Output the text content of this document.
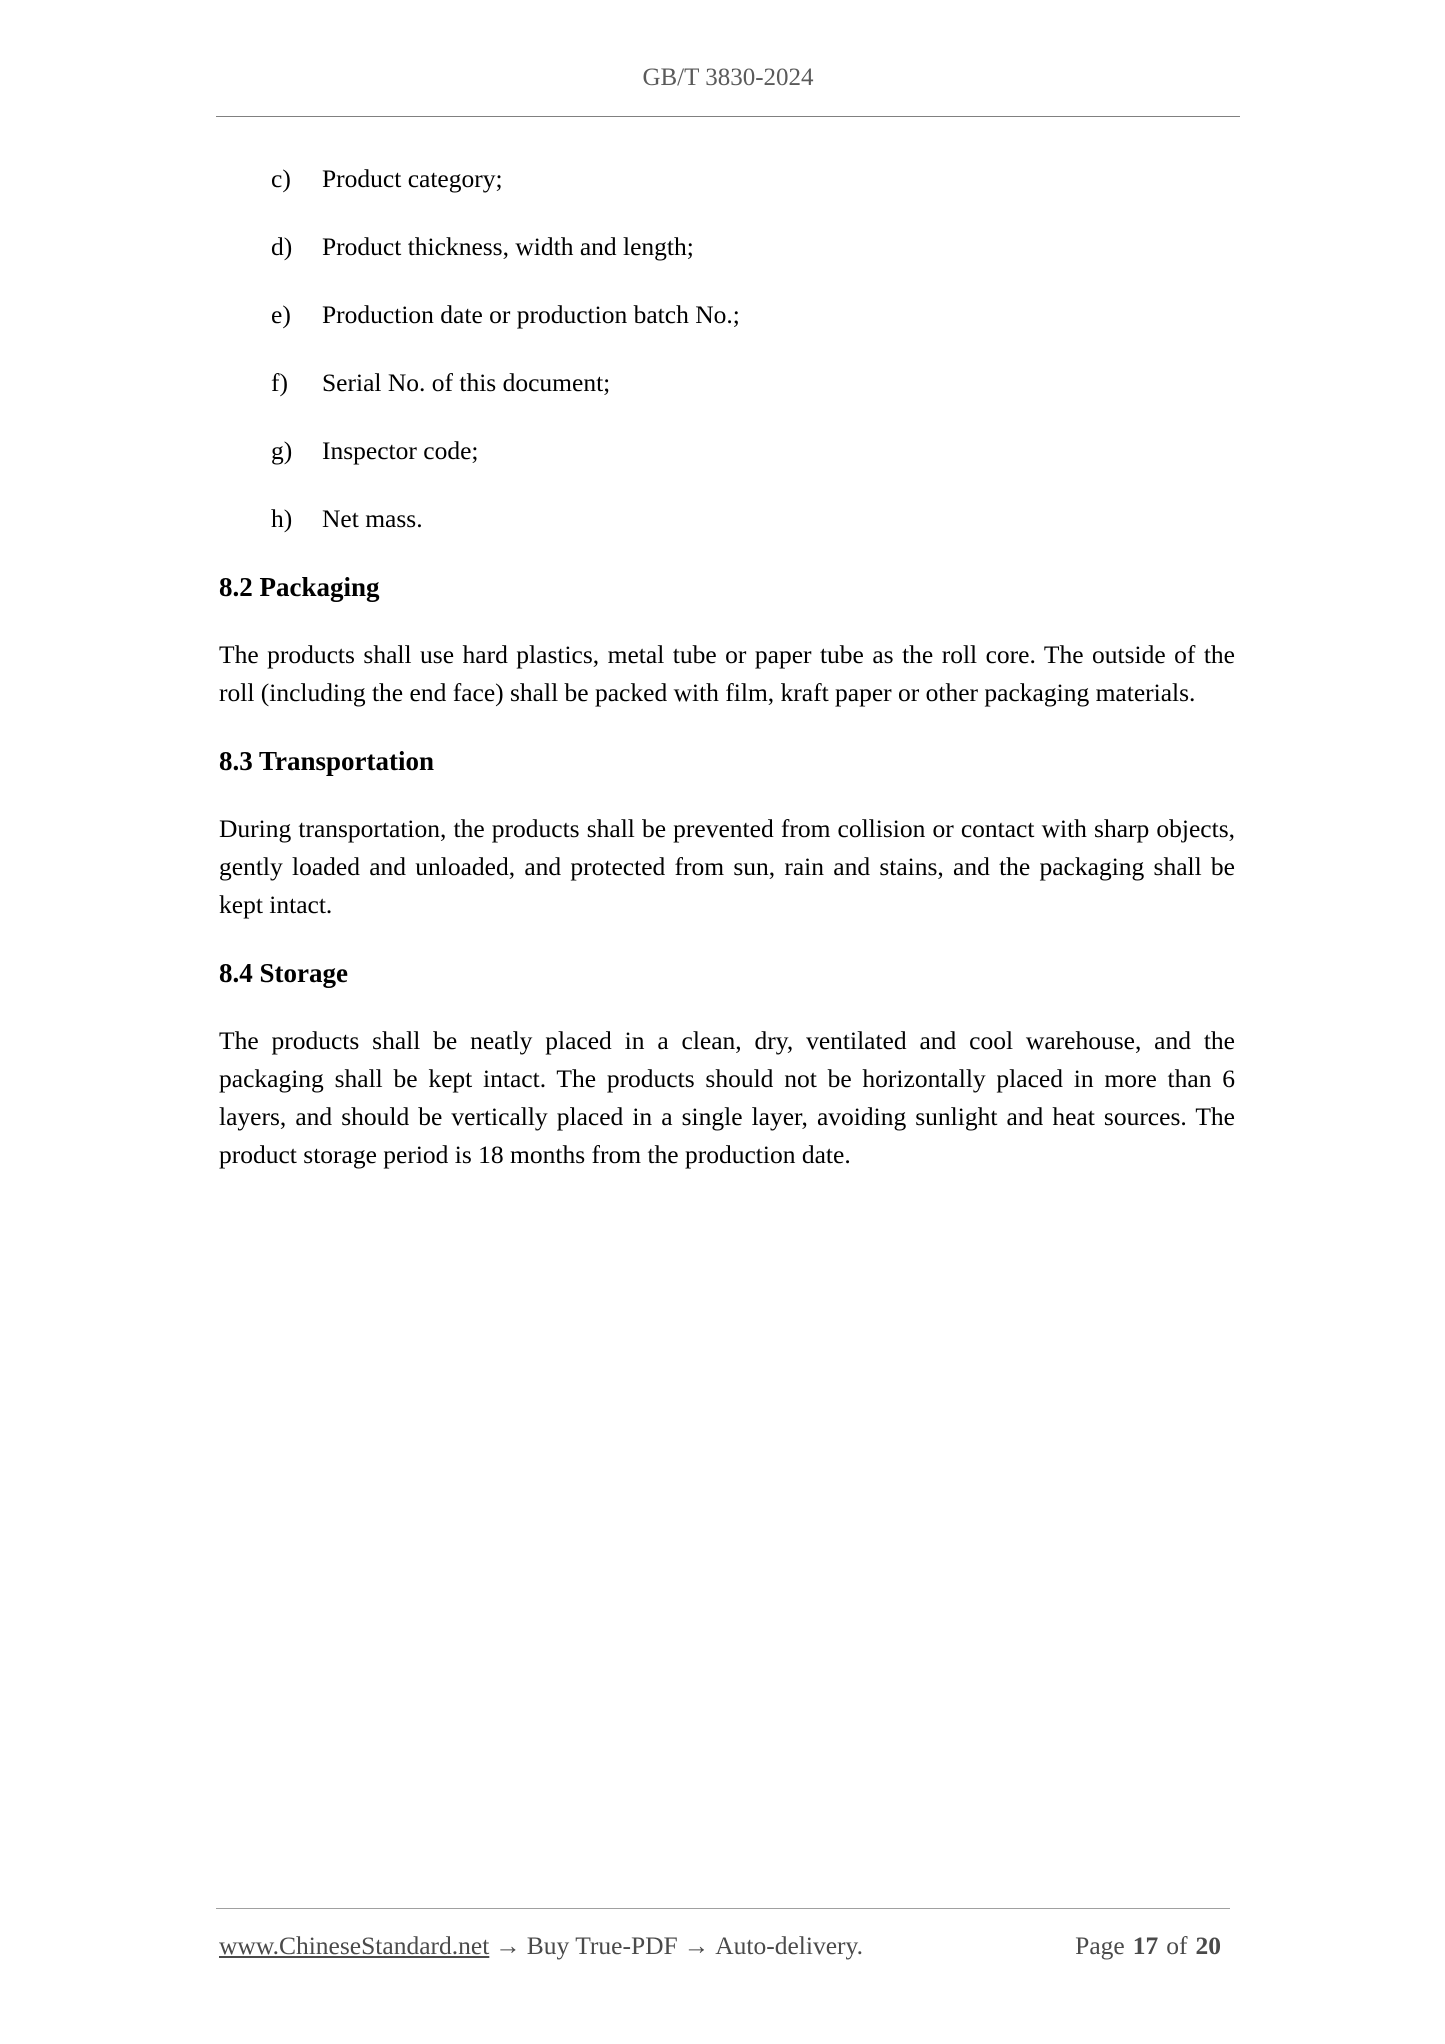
GB/T 3830-2024
c) Product category;
d) Product thickness, width and length;
e) Production date or production batch No.;
f) Serial No. of this document;
g) Inspector code;
h) Net mass.
8.2 Packaging

The products shall use hard plastics, metal tube or paper tube as the roll core. The outside of the roll (including the end face) shall be packed with film, kraft paper or other packaging materials.

8.3 Transportation

During transportation, the products shall be prevented from collision or contact with sharp objects, gently loaded and unloaded, and protected from sun, rain and stains, and the packaging shall be kept intact.

8.4 Storage

The products shall be neatly placed in a clean, dry, ventilated and cool warehouse, and the packaging shall be kept intact. The products should not be horizontally placed in more than 6 layers, and should be vertically placed in a single layer, avoiding sunlight and heat sources. The product storage period is 18 months from the production date.

www.ChineseStandard.net → Buy True-PDF → Auto-delivery.	Page 17 of 20
